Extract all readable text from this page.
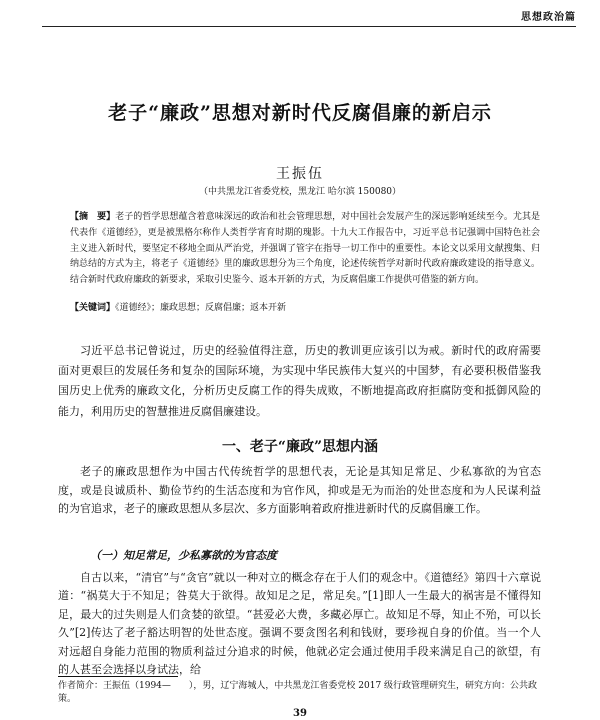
思想政治篇
老子“廉政”思想对新时代反腐倡廉的新启示
王振伍
（中共黑龙江省委党校，黑龙江 哈尔滨 150080）

【摘　要】老子的哲学思想蕴含着意味深远的政治和社会管理思想，对中国社会发展产生的深远影响延续至今。尤其是代表作《道德经》，更是被黑格尔称作人类哲学宵育时期的瑰影。十九大工作报告中，习近平总书记强调中国特色社会主义进入新时代，要坚定不移地全面从严治党，并强调了管字在指导一切工作中的重要性。本论文以采用文献搜集、归纳总结的方式为主，将老子《道德经》里的廉政思想分为三个角度，论述传统哲学对新时代政府廉政建设的指导意义。结合新时代政府廉政的新要求，采取引史鉴今、返本开新的方式，为反腐倡廉工作提供可借鉴的新方向。

【关键词】《道德经》；廉政思想；反腐倡廉；返本开新

习近平总书记曾说过，历史的经验值得注意，历史的教训更应该引以为戒。新时代的政府需要面对更艰巨的发展任务和复杂的国际环境，为实现中华民族伟大复兴的中国梦，有必要积极借鉴我国历史上优秀的廉政文化，分析历史反腐工作的得失成败，不断地提高政府拒腐防变和抵御风险的能力，利用历史的智慧推进反腐倡廉建设。

一、老子“廉政”思想内涵

老子的廉政思想作为中国古代传统哲学的思想代表，无论是其知足常足、少私寡欲的为官态度，或是良诚质朴、勤俭节约的生活态度和为官作风，抑或是无为而治的处世态度和为人民谋利益的为官追求，老子的廉政思想从多层次、多方面影响着政府推进新时代的反腐倡廉工作。

（一）知足常足，少私寡欲的为官态度

自古以来，“清官”与“贪官”就以一种对立的概念存在于人们的观念中。《道德经》第四十六章说道：“祸莫大于不知足；咎莫大于欲得。故知足之足，常足矣。”[1]即人一生最大的祸害是不懂得知足，最大的过失则是人们贪婪的欲望。“甚爱必大费，多藏必厚亡。故知足不辱，知止不殆，可以长久”[2]传达了老子豁达明智的处世态度。强调不要贪图名利和钱财，要珍视自身的价值。当一个人对远超自身能力范围的物质利益过分追求的时候，他就必定会通过使用手段来满足自己的欲望，有的人甚至会选择以身试法，给

作者简介：王振伍（1994—　　），男，辽宁海城人，中共黑龙江省委党校 2017 级行政管理研究生，研究方向：公共政策。

39
